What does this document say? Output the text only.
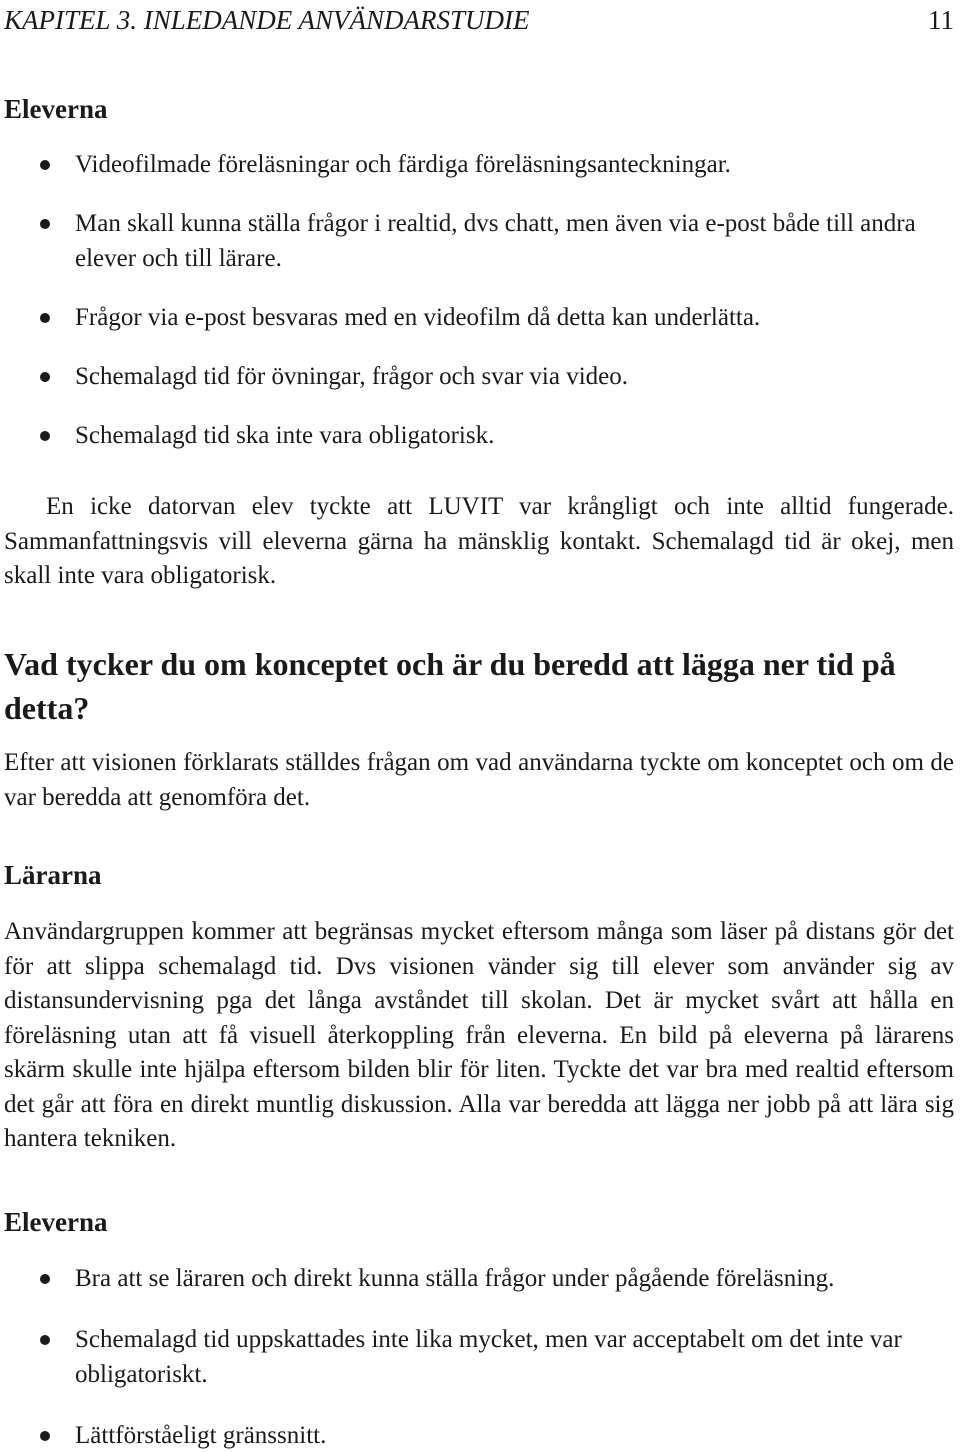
KAPITEL 3. INLEDANDE ANVÄNDARSTUDIE	11
Eleverna
Videofilmade föreläsningar och färdiga föreläsningsanteckningar.
Man skall kunna ställa frågor i realtid, dvs chatt, men även via e-post både till andra elever och till lärare.
Frågor via e-post besvaras med en videofilm då detta kan underlätta.
Schemalagd tid för övningar, frågor och svar via video.
Schemalagd tid ska inte vara obligatorisk.

En icke datorvan elev tyckte att LUVIT var krångligt och inte alltid fungerade. Sammanfattningsvis vill eleverna gärna ha mänsklig kontakt. Schemalagd tid är okej, men skall inte vara obligatorisk.

Vad tycker du om konceptet och är du beredd att lägga ner tid på detta?

Efter att visionen förklarats ställdes frågan om vad användarna tyckte om konceptet och om de var beredda att genomföra det.

Lärarna

Användargruppen kommer att begränsas mycket eftersom många som läser på distans gör det för att slippa schemalagd tid. Dvs visionen vänder sig till elever som använder sig av distansundervisning pga det långa avståndet till skolan. Det är mycket svårt att hålla en föreläsning utan att få visuell återkoppling från eleverna. En bild på eleverna på lärarens skärm skulle inte hjälpa eftersom bilden blir för liten. Tyckte det var bra med realtid eftersom det går att föra en direkt muntlig diskussion. Alla var beredda att lägga ner jobb på att lära sig hantera tekniken.

Eleverna
Bra att se läraren och direkt kunna ställa frågor under pågående föreläsning.
Schemalagd tid uppskattades inte lika mycket, men var acceptabelt om det inte var obligatoriskt.
Lättförståeligt gränssnitt.
